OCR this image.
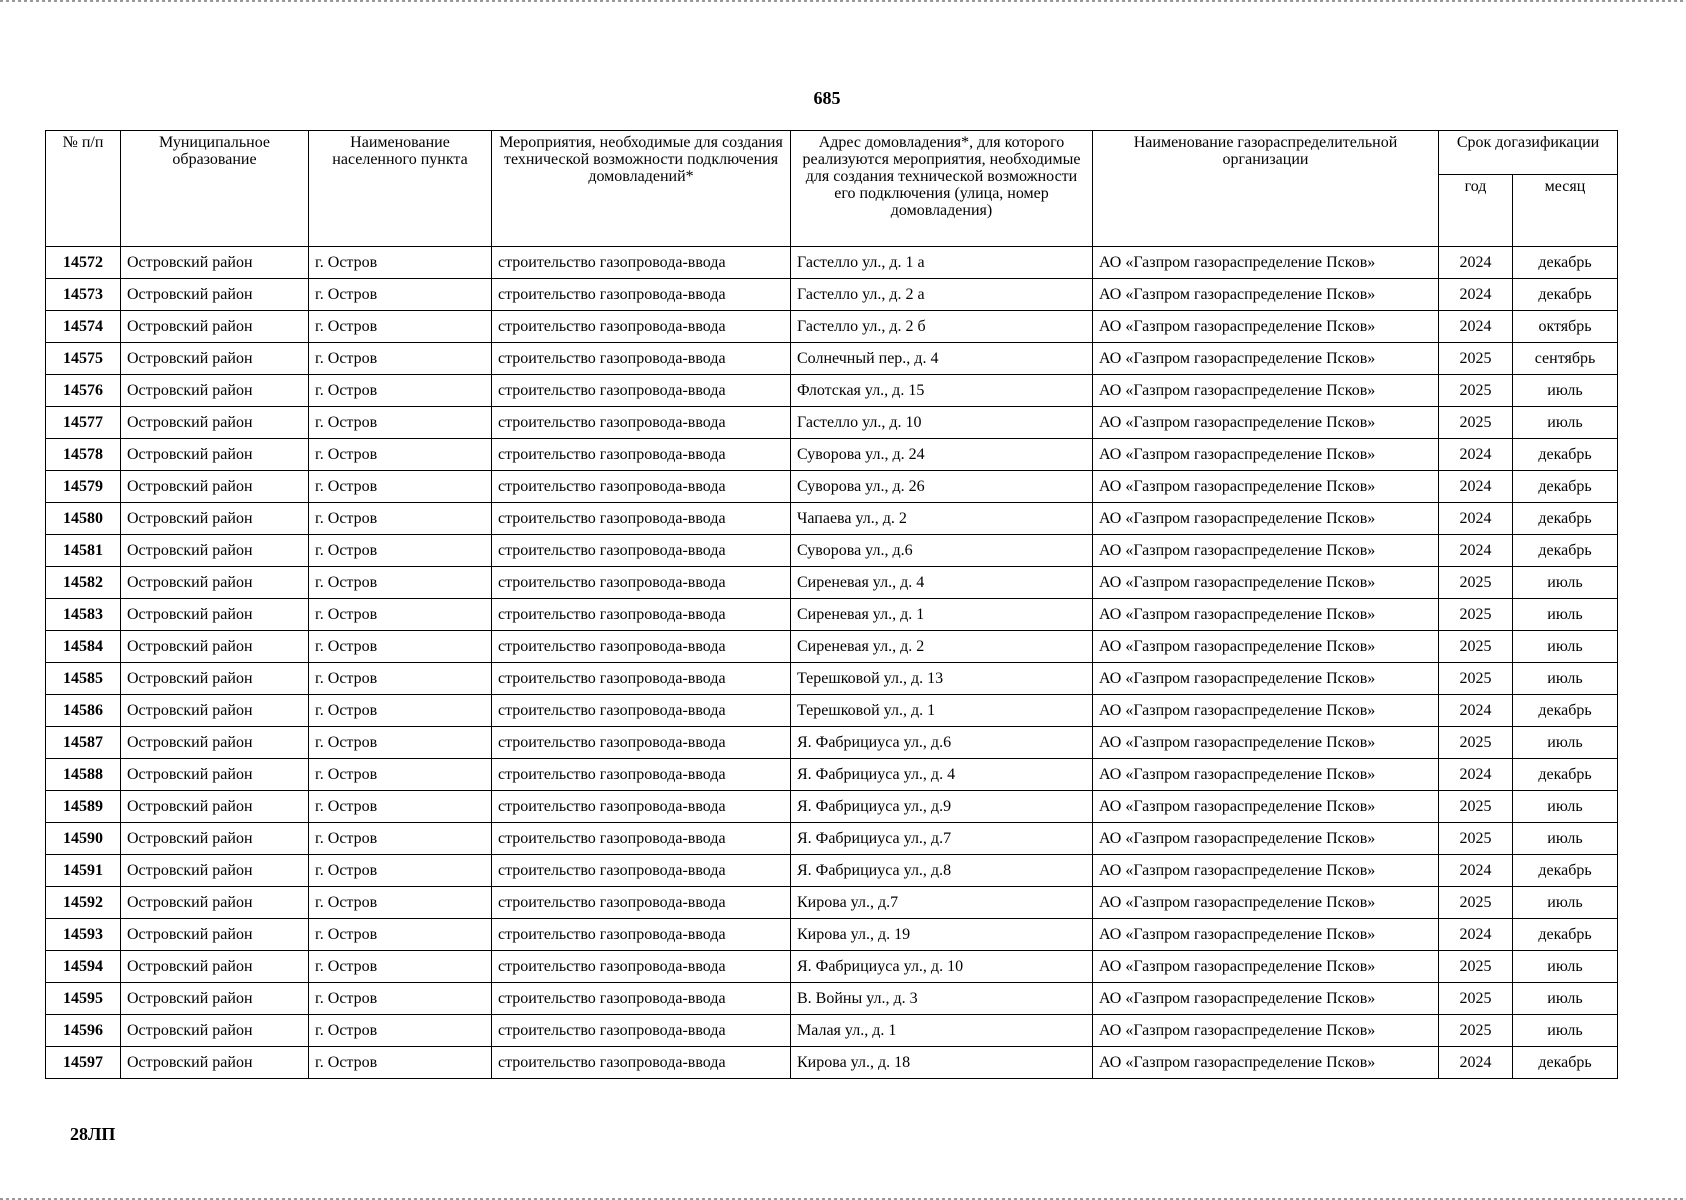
685
№ п/п	Муниципальное образование	Наименование населенного пункта	Мероприятия, необходимые для создания технической возможности подключения домовладений*	Адрес домовладения*, для которого реализуются мероприятия, необходимые для создания технической возможности его подключения (улица, номер домовладения)	Наименование газораспределительной организации	Срок догазификации	
						год	месяц
14572	Островский район	г. Остров	строительство газопровода-ввода	Гастелло ул., д. 1 а	АО «Газпром газораспределение Псков»	2024	декабрь
14573	Островский район	г. Остров	строительство газопровода-ввода	Гастелло ул., д. 2 а	АО «Газпром газораспределение Псков»	2024	декабрь
14574	Островский район	г. Остров	строительство газопровода-ввода	Гастелло ул., д. 2 б	АО «Газпром газораспределение Псков»	2024	октябрь
14575	Островский район	г. Остров	строительство газопровода-ввода	Солнечный пер., д. 4	АО «Газпром газораспределение Псков»	2025	сентябрь
14576	Островский район	г. Остров	строительство газопровода-ввода	Флотская ул., д. 15	АО «Газпром газораспределение Псков»	2025	июль
14577	Островский район	г. Остров	строительство газопровода-ввода	Гастелло ул., д. 10	АО «Газпром газораспределение Псков»	2025	июль
14578	Островский район	г. Остров	строительство газопровода-ввода	Суворова ул., д. 24	АО «Газпром газораспределение Псков»	2024	декабрь
14579	Островский район	г. Остров	строительство газопровода-ввода	Суворова ул., д. 26	АО «Газпром газораспределение Псков»	2024	декабрь
14580	Островский район	г. Остров	строительство газопровода-ввода	Чапаева ул., д. 2	АО «Газпром газораспределение Псков»	2024	декабрь
14581	Островский район	г. Остров	строительство газопровода-ввода	Суворова ул., д.6	АО «Газпром газораспределение Псков»	2024	декабрь
14582	Островский район	г. Остров	строительство газопровода-ввода	Сиреневая ул., д. 4	АО «Газпром газораспределение Псков»	2025	июль
14583	Островский район	г. Остров	строительство газопровода-ввода	Сиреневая ул., д. 1	АО «Газпром газораспределение Псков»	2025	июль
14584	Островский район	г. Остров	строительство газопровода-ввода	Сиреневая ул., д. 2	АО «Газпром газораспределение Псков»	2025	июль
14585	Островский район	г. Остров	строительство газопровода-ввода	Терешковой ул., д. 13	АО «Газпром газораспределение Псков»	2025	июль
14586	Островский район	г. Остров	строительство газопровода-ввода	Терешковой ул., д. 1	АО «Газпром газораспределение Псков»	2024	декабрь
14587	Островский район	г. Остров	строительство газопровода-ввода	Я. Фабрициуса ул., д.6	АО «Газпром газораспределение Псков»	2025	июль
14588	Островский район	г. Остров	строительство газопровода-ввода	Я. Фабрициуса ул., д. 4	АО «Газпром газораспределение Псков»	2024	декабрь
14589	Островский район	г. Остров	строительство газопровода-ввода	Я. Фабрициуса ул., д.9	АО «Газпром газораспределение Псков»	2025	июль
14590	Островский район	г. Остров	строительство газопровода-ввода	Я. Фабрициуса ул., д.7	АО «Газпром газораспределение Псков»	2025	июль
14591	Островский район	г. Остров	строительство газопровода-ввода	Я. Фабрициуса ул., д.8	АО «Газпром газораспределение Псков»	2024	декабрь
14592	Островский район	г. Остров	строительство газопровода-ввода	Кирова ул., д.7	АО «Газпром газораспределение Псков»	2025	июль
14593	Островский район	г. Остров	строительство газопровода-ввода	Кирова ул., д. 19	АО «Газпром газораспределение Псков»	2024	декабрь
14594	Островский район	г. Остров	строительство газопровода-ввода	Я. Фабрициуса ул., д. 10	АО «Газпром газораспределение Псков»	2025	июль
14595	Островский район	г. Остров	строительство газопровода-ввода	В. Войны ул., д. 3	АО «Газпром газораспределение Псков»	2025	июль
14596	Островский район	г. Остров	строительство газопровода-ввода	Малая ул., д. 1	АО «Газпром газораспределение Псков»	2025	июль
14597	Островский район	г. Остров	строительство газопровода-ввода	Кирова ул., д. 18	АО «Газпром газораспределение Псков»	2024	декабрь
28ЛП
